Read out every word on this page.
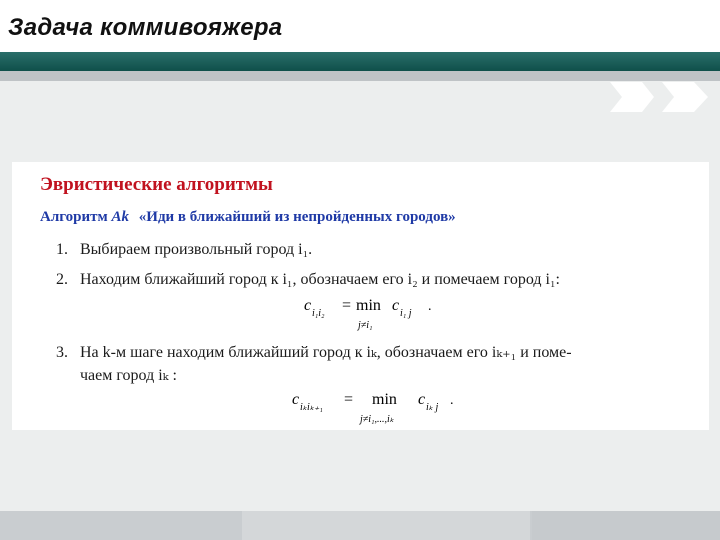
Задача коммивояжера
Эвристические алгоритмы
Алгоритм Ak «Иди в ближайший из непройденных городов»
1. Выбираем произвольный город i₁.
2. Находим ближайший город к i₁, обозначаем его i₂ и помечаем город i₁:
c i₁i₂ = min
j≠i₁
c i₁ j .
3. На k-м шаге находим ближайший город к iₖ, обозначаем его iₖ₊₁ и поме-
чаем город iₖ :
c iₖiₖ₊₁ = min
j≠i₁,...,iₖ
c iₖ j .
